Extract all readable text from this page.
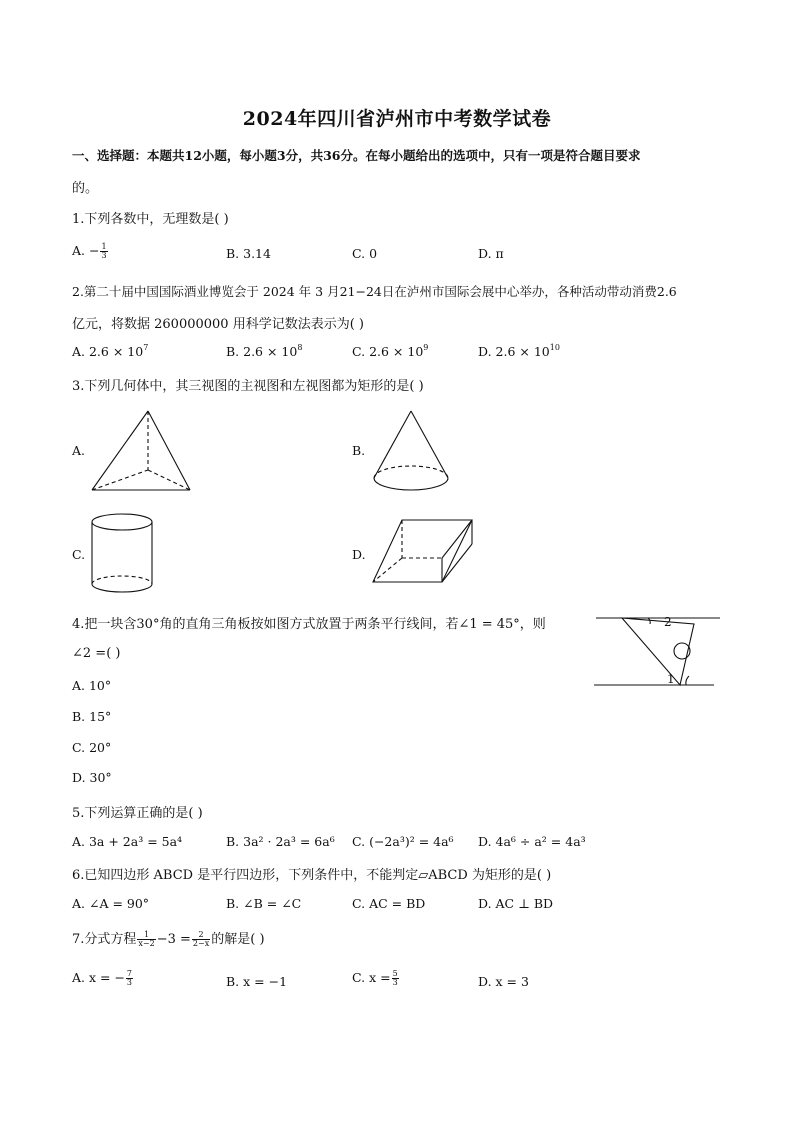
2024年四川省泸州市中考数学试卷
一、选择题：本题共12小题，每小题3分，共36分。在每小题给出的选项中，只有一项是符合题目要求
的。
1.下列各数中，无理数是( )
A. − $\frac{1}{3}$	B. 3.14	C. 0	D. π
2.第二十届中国国际酒业博览会于 2024 年 3 月21−24日在泸州市国际会展中心举办，各种活动带动消费2.6
亿元，将数据 260000000 用科学记数法表示为( )
A. $2.6 \times 10^7$	B. $2.6 \times 10^8$	C. $2.6 \times 10^9$	D. $2.6 \times 10^{10}$
3.下列几何体中，其三视图的主视图和左视图都为矩形的是( )
A.	B.
C.	D.
4.把一块含30°角的直角三角板按如图方式放置于两条平行线间，若∠1 = 45°，则
∠2 =( )
A. 10°
B. 15°
C. 20°
D. 30°
2
1
5.下列运算正确的是( )
A. 3a + 2a³ = 5a⁴	B. 3a² · 2a³ = 6a⁶ C. (−2a³)² = 4a⁶ D. 4a⁶ ÷ a² = 4a³
6.已知四边形 ABCD 是平行四边形，下列条件中，不能判定▱ABCD 为矩形的是( )
A. ∠A = 90°	B. ∠B = ∠C	C. AC = BD	D. AC ⊥ BD
7.分式方程 $\frac{1}{x-2} -3 = \frac{2}{2-x}$ 的解是( )
A. x = − $\frac{7}{3}$	B. x = −1	C. $x = \frac{5}{3}$	D. x = 3
